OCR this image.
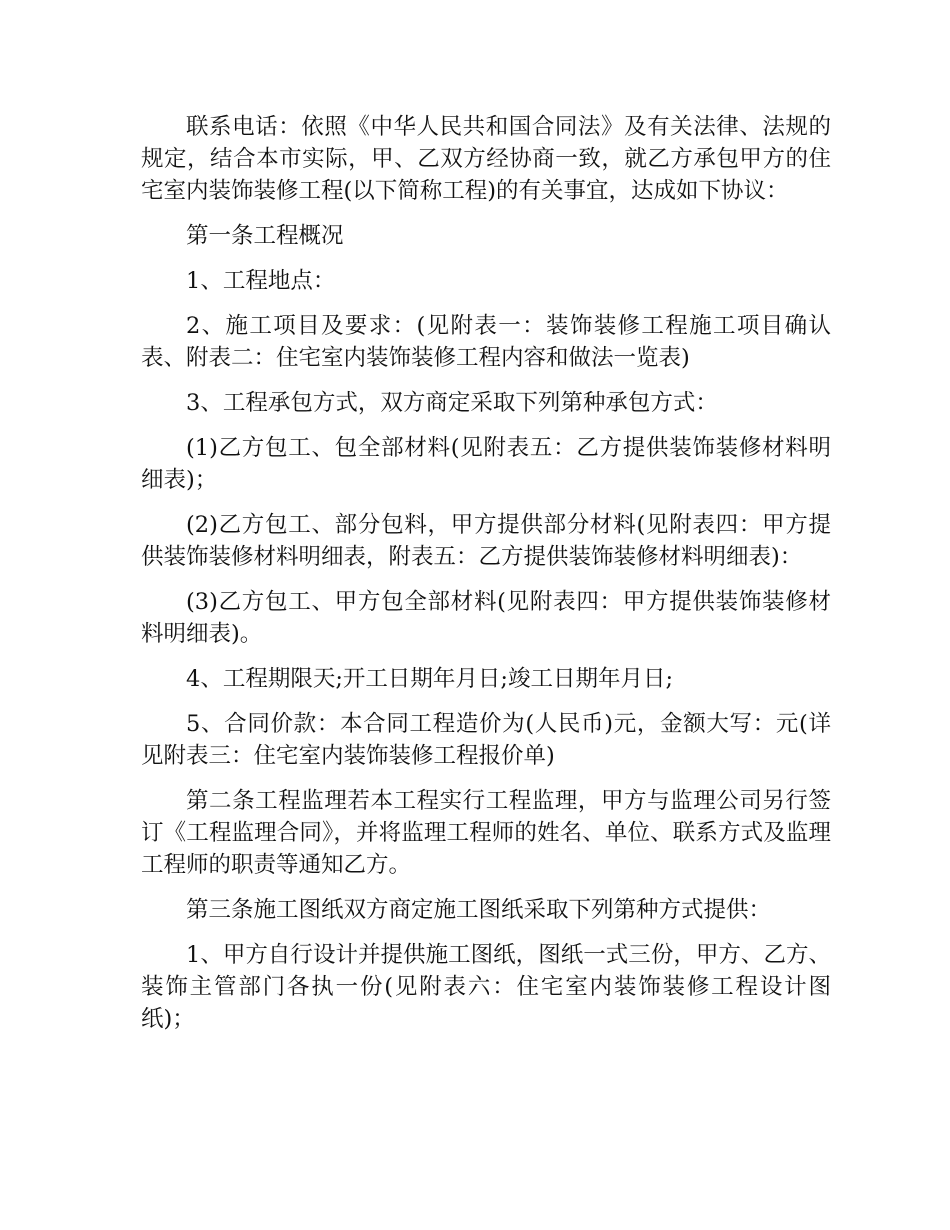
联系电话：依照《中华人民共和国合同法》及有关法律、法规的规定，结合本市实际，甲、乙双方经协商一致，就乙方承包甲方的住宅室内装饰装修工程(以下简称工程)的有关事宜，达成如下协议：

第一条工程概况

1、工程地点：

2、施工项目及要求：(见附表一：装饰装修工程施工项目确认表、附表二：住宅室内装饰装修工程内容和做法一览表)

3、工程承包方式，双方商定采取下列第种承包方式：

(1)乙方包工、包全部材料(见附表五：乙方提供装饰装修材料明细表)；

(2)乙方包工、部分包料，甲方提供部分材料(见附表四：甲方提供装饰装修材料明细表，附表五：乙方提供装饰装修材料明细表)：

(3)乙方包工、甲方包全部材料(见附表四：甲方提供装饰装修材料明细表)。

4、工程期限天;开工日期年月日;竣工日期年月日;

5、合同价款：本合同工程造价为(人民币)元，金额大写：元(详见附表三：住宅室内装饰装修工程报价单)

第二条工程监理若本工程实行工程监理，甲方与监理公司另行签订《工程监理合同》，并将监理工程师的姓名、单位、联系方式及监理工程师的职责等通知乙方。

第三条施工图纸双方商定施工图纸采取下列第种方式提供：

1、甲方自行设计并提供施工图纸，图纸一式三份，甲方、乙方、装饰主管部门各执一份(见附表六：住宅室内装饰装修工程设计图纸)；
